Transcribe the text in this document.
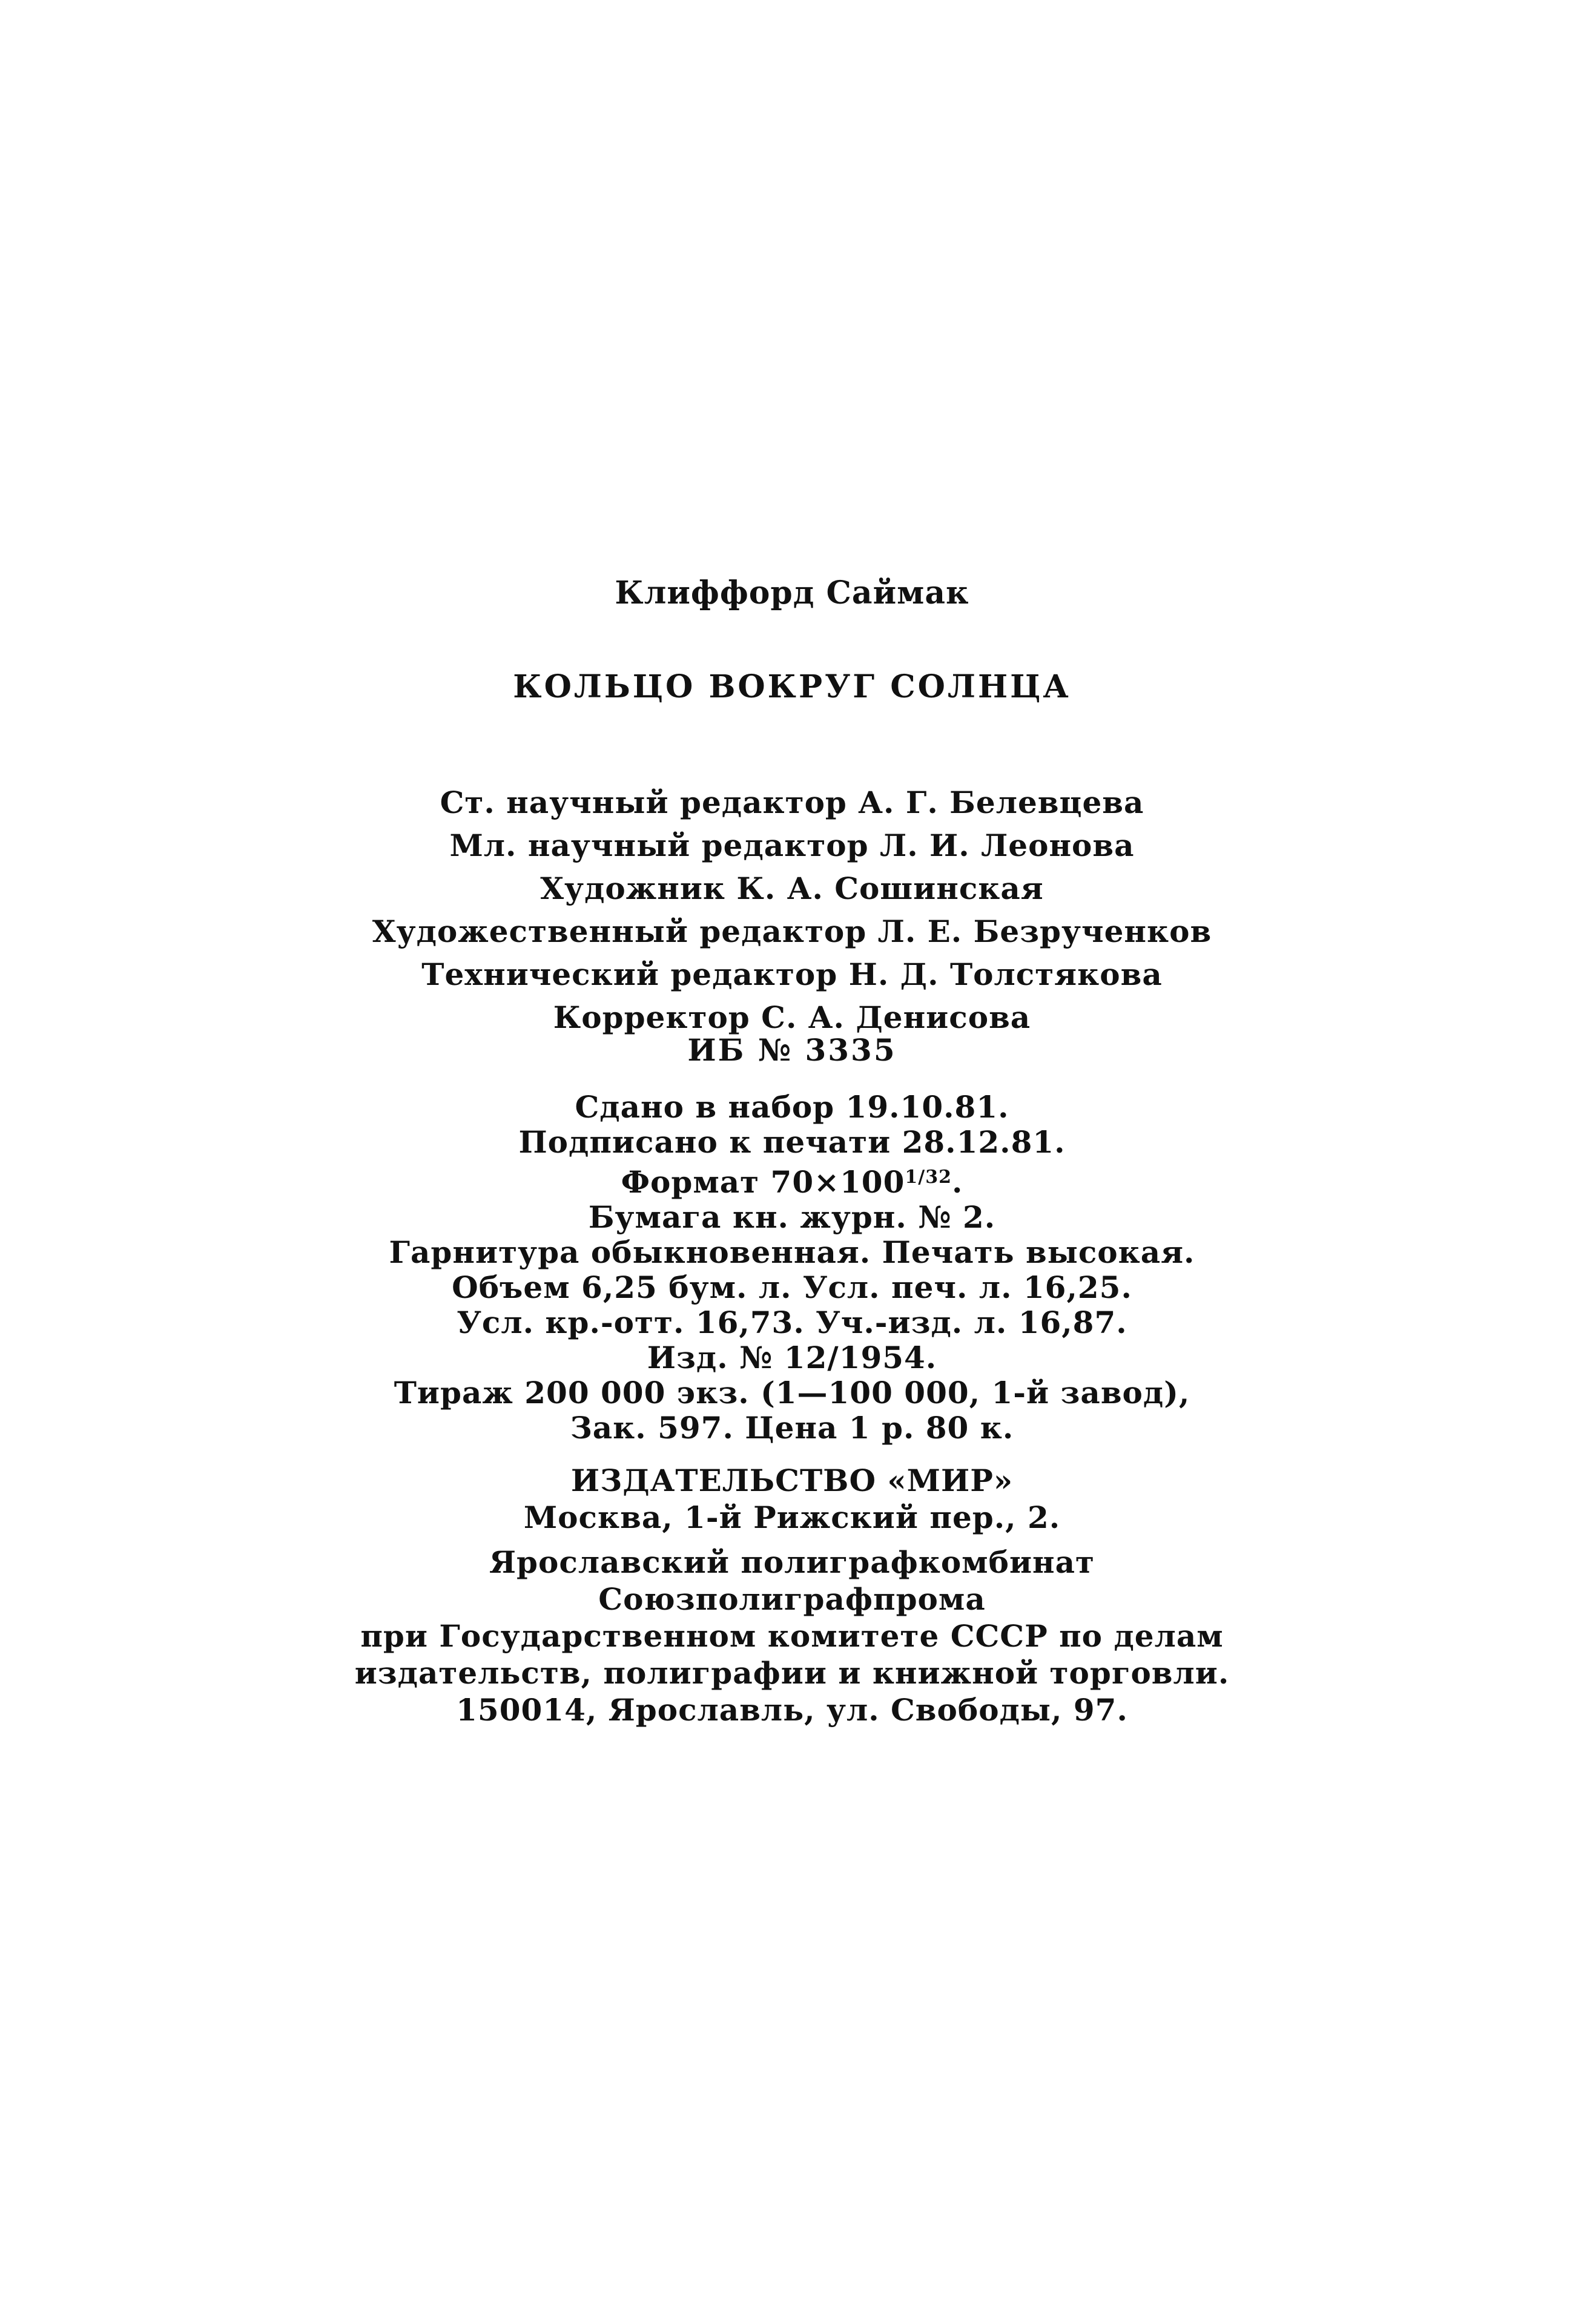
Клиффорд Саймак
КОЛЬЦО ВОКРУГ СОЛНЦА
Ст. научный редактор А. Г. Белевцева
Мл. научный редактор Л. И. Леонова
Художник К. А. Сошинская
Художественный редактор Л. Е. Безрученков
Технический редактор Н. Д. Толстякова
Корректор С. А. Денисова
ИБ № 3335
Сдано в набор 19.10.81.
Подписано к печати 28.12.81.
Формат $70\times 100^{1/32}$.
Бумага кн. журн. № 2.
Гарнитура обыкновенная. Печать высокая.
Объем 6,25 бум. л. Усл. печ. л. 16,25.
Усл. кр.-отт. 16,73. Уч.-изд. л. 16,87.
Изд. № 12/1954.
Тираж 200 000 экз. (1—100 000, 1-й завод),
Зак. 597. Цена 1 р. 80 к.
ИЗДАТЕЛЬСТВО «МИР»
Москва, 1-й Рижский пер., 2.
Ярославский полиграфкомбинат
Союзполиграфпрома
при Государственном комитете СССР по делам
издательств, полиграфии и книжной торговли.
150014, Ярославль, ул. Свободы, 97.
